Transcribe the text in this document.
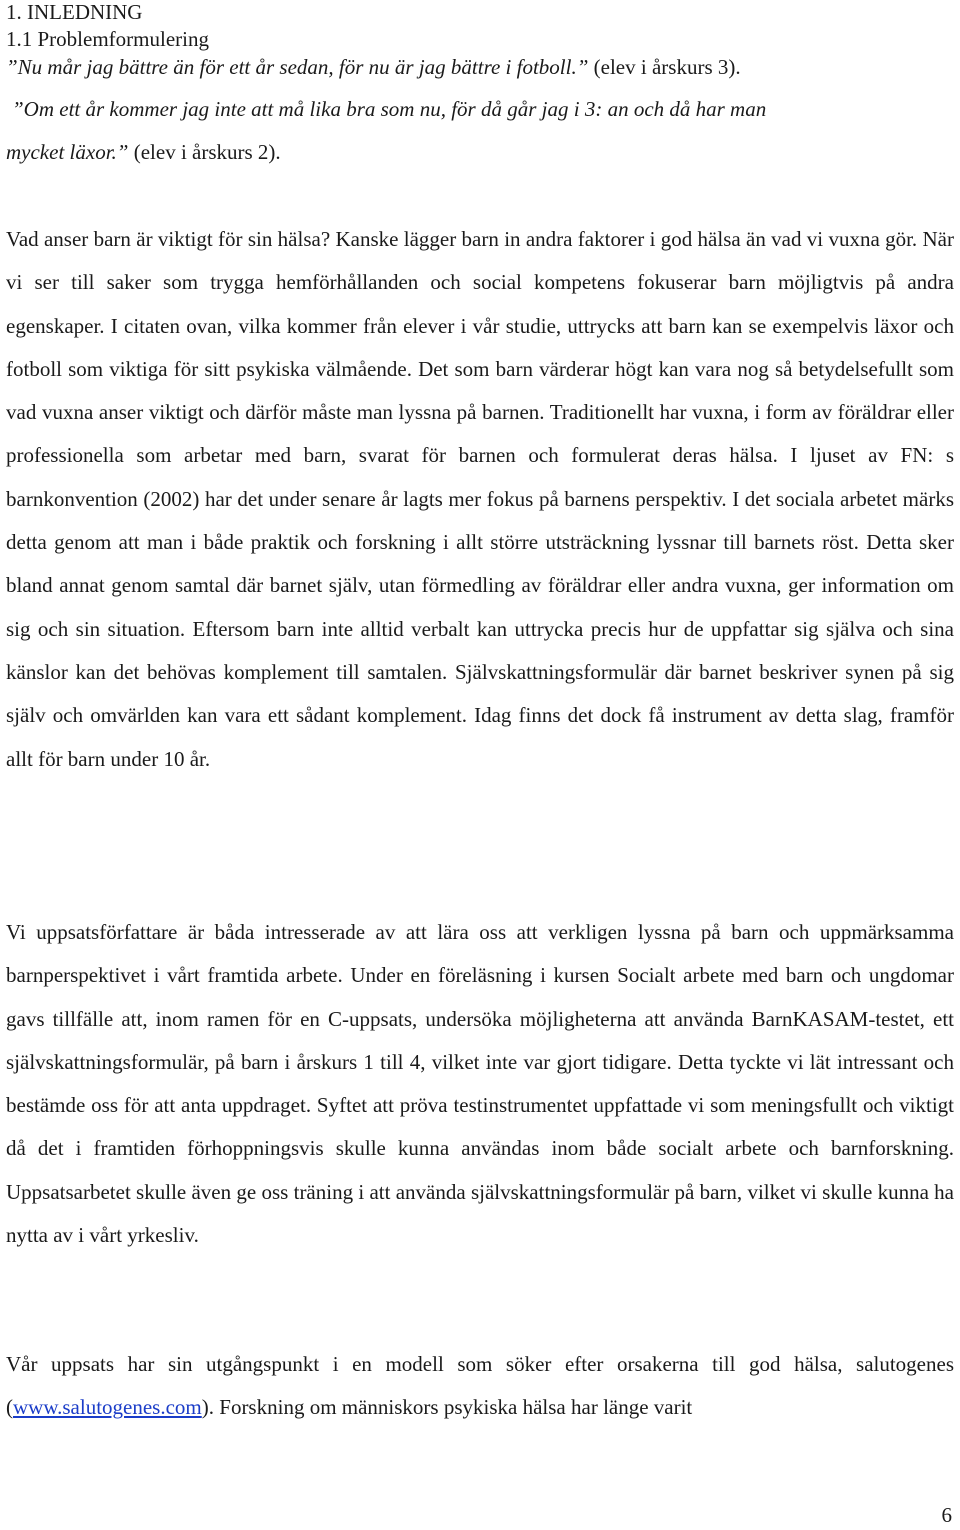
1. INLEDNING

1.1 Problemformulering

”Nu mår jag bättre än för ett år sedan, för nu är jag bättre i fotboll.” (elev i årskurs 3).

”Om ett år kommer jag inte att må lika bra som nu, för då går jag i 3: an och då har man

mycket läxor.” (elev i årskurs 2).

Vad anser barn är viktigt för sin hälsa? Kanske lägger barn in andra faktorer i god hälsa än vad vi vuxna gör. När vi ser till saker som trygga hemförhållanden och social kompetens fokuserar barn möjligtvis på andra egenskaper. I citaten ovan, vilka kommer från elever i vår studie, uttrycks att barn kan se exempelvis läxor och fotboll som viktiga för sitt psykiska välmående. Det som barn värderar högt kan vara nog så betydelsefullt som vad vuxna anser viktigt och därför måste man lyssna på barnen. Traditionellt har vuxna, i form av föräldrar eller professionella som arbetar med barn, svarat för barnen och formulerat deras hälsa. I ljuset av FN: s barnkonvention (2002) har det under senare år lagts mer fokus på barnens perspektiv. I det sociala arbetet märks detta genom att man i både praktik och forskning i allt större utsträckning lyssnar till barnets röst. Detta sker bland annat genom samtal där barnet själv, utan förmedling av föräldrar eller andra vuxna, ger information om sig och sin situation. Eftersom barn inte alltid verbalt kan uttrycka precis hur de uppfattar sig själva och sina känslor kan det behövas komplement till samtalen. Självskattningsformulär där barnet beskriver synen på sig själv och omvärlden kan vara ett sådant komplement. Idag finns det dock få instrument av detta slag, framför allt för barn under 10 år.

Vi uppsatsförfattare är båda intresserade av att lära oss att verkligen lyssna på barn och uppmärksamma barnperspektivet i vårt framtida arbete. Under en föreläsning i kursen Socialt arbete med barn och ungdomar gavs tillfälle att, inom ramen för en C-uppsats, undersöka möjligheterna att använda BarnKASAM-testet, ett självskattningsformulär, på barn i årskurs 1 till 4, vilket inte var gjort tidigare. Detta tyckte vi lät intressant och bestämde oss för att anta uppdraget. Syftet att pröva testinstrumentet uppfattade vi som meningsfullt och viktigt då det i framtiden förhoppningsvis skulle kunna användas inom både socialt arbete och barnforskning. Uppsatsarbetet skulle även ge oss träning i att använda självskattningsformulär på barn, vilket vi skulle kunna ha nytta av i vårt yrkesliv.

Vår uppsats har sin utgångspunkt i en modell som söker efter orsakerna till god hälsa, salutogenes (www.salutogenes.com). Forskning om människors psykiska hälsa har länge varit

6
